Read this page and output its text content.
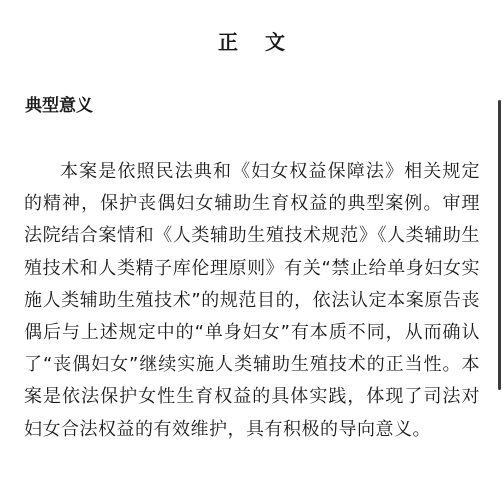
正 文
典型意义

本案是依照民法典和《妇女权益保障法》相关规定的精神，保护丧偶妇女辅助生育权益的典型案例。审理法院结合案情和《人类辅助生殖技术规范》《人类辅助生殖技术和人类精子库伦理原则》有关“禁止给单身妇女实施人类辅助生殖技术”的规范目的，依法认定本案原告丧偶后与上述规定中的“单身妇女”有本质不同，从而确认了“丧偶妇女”继续实施人类辅助生殖技术的正当性。本案是依法保护女性生育权益的具体实践，体现了司法对妇女合法权益的有效维护，具有积极的导向意义。
